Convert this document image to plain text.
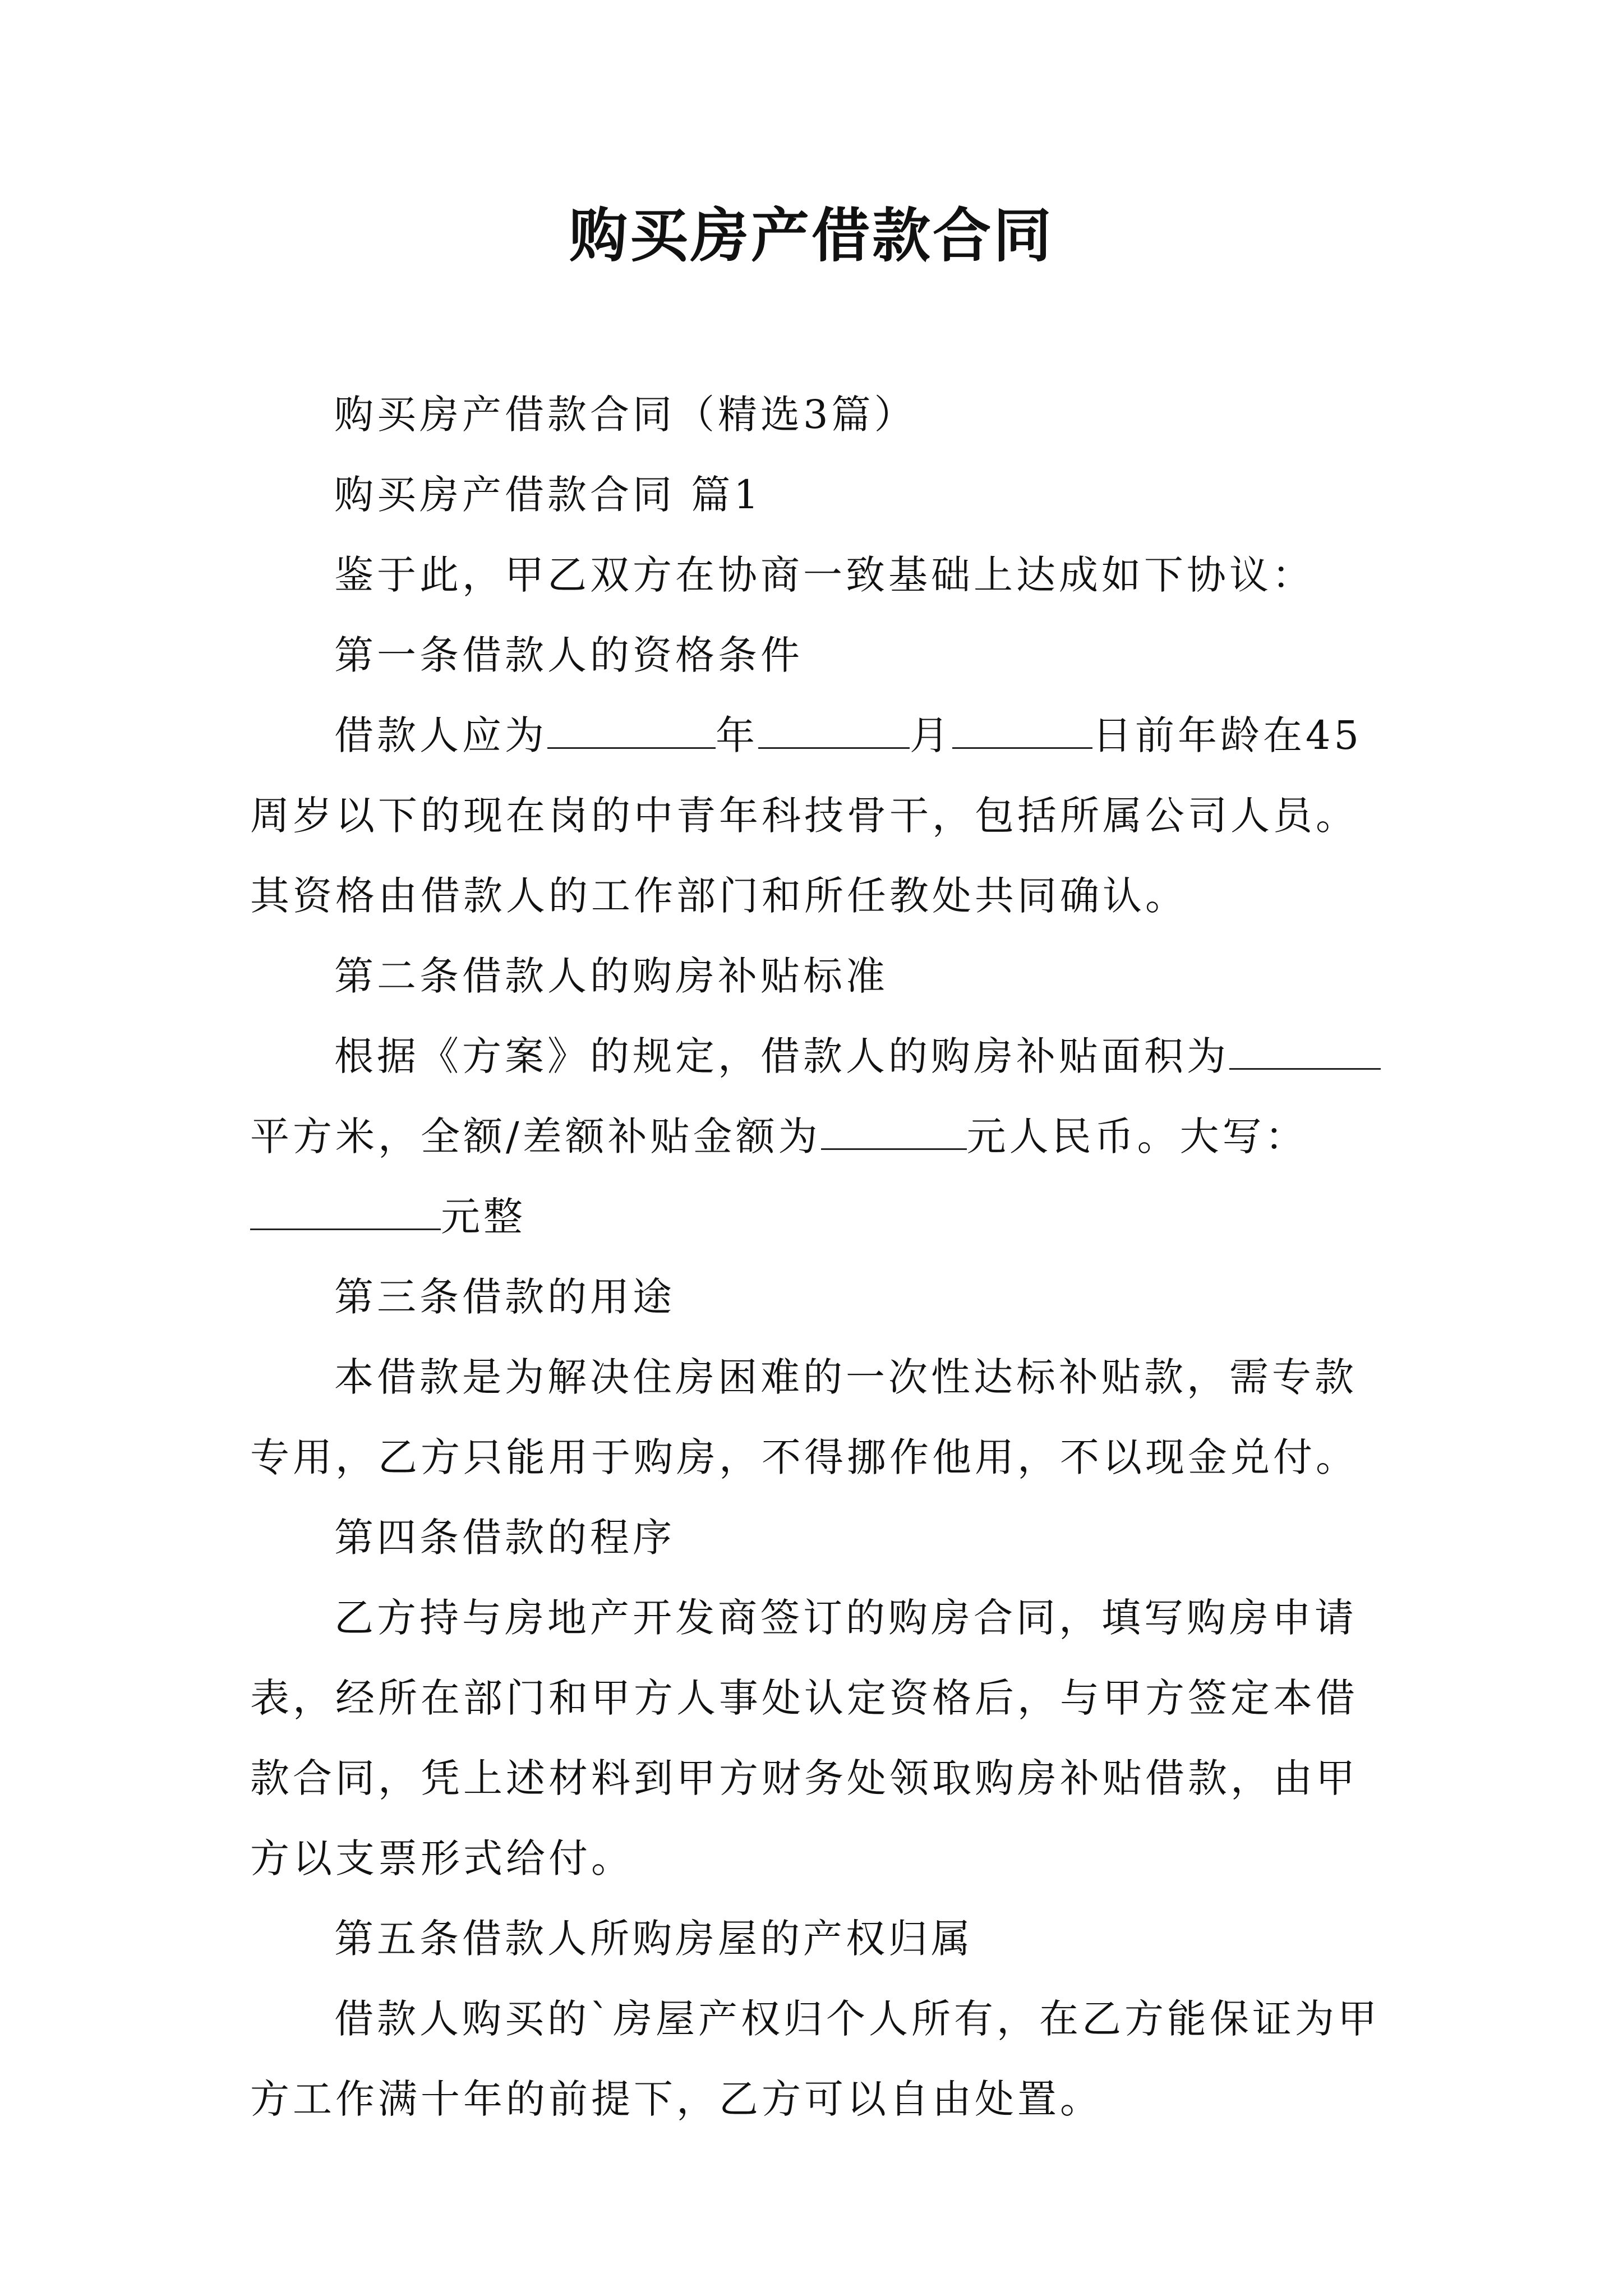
购买房产借款合同

购买房产借款合同（精选3篇）

购买房产借款合同 篇1

鉴于此，甲乙双方在协商一致基础上达成如下协议：

第一条借款人的资格条件

借款人应为	年	月	日前年龄在45周岁以下的现在岗的中青年科技骨干，包括所属公司人员。其资格由借款人的工作部门和所任教处共同确认。

第二条借款人的购房补贴标准

根据《方案》的规定，借款人的购房补贴面积为平方米，全额/差额补贴金额为	元人民币。大写：元整

第三条借款的用途

本借款是为解决住房困难的一次性达标补贴款，需专款专用，乙方只能用于购房，不得挪作他用，不以现金兑付。

第四条借款的程序

乙方持与房地产开发商签订的购房合同，填写购房申请表，经所在部门和甲方人事处认定资格后，与甲方签定本借款合同，凭上述材料到甲方财务处领取购房补贴借款，由甲方以支票形式给付。

第五条借款人所购房屋的产权归属

借款人购买的`房屋产权归个人所有，在乙方能保证为甲方工作满十年的前提下，乙方可以自由处置。
